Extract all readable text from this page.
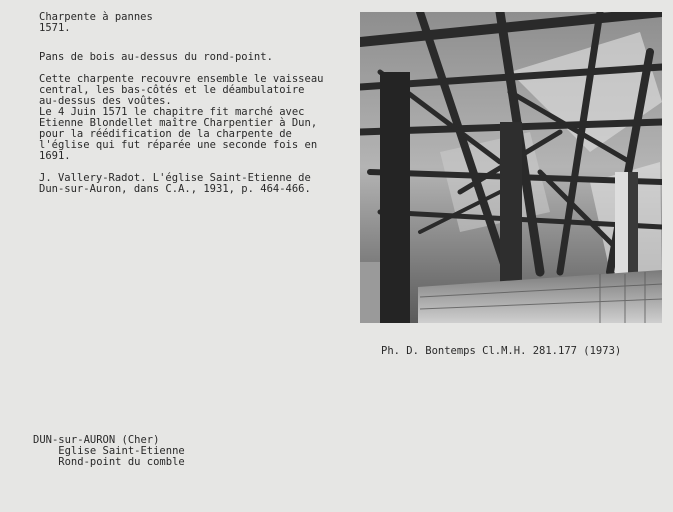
Charpente à pannes
1571.
Pans de bois au-dessus du rond-point.
Cette charpente recouvre ensemble le vaisseau
central, les bas-côtés et le déambulatoire
au-dessus des voûtes.
Le 4 Juin 1571 le chapitre fit marché avec
Etienne Blondellet maître Charpentier à Dun,
pour la réédification de la charpente de
l'église qui fut réparée une seconde fois en
1691.
J. Vallery-Radot. L'église Saint-Etienne de
Dun-sur-Auron, dans C.A., 1931, p. 464-466.
Ph. D. Bontemps Cl.M.H. 281.177 (1973)
DUN-sur-AURON (Cher)
Eglise Saint-Etienne
Rond-point du comble
